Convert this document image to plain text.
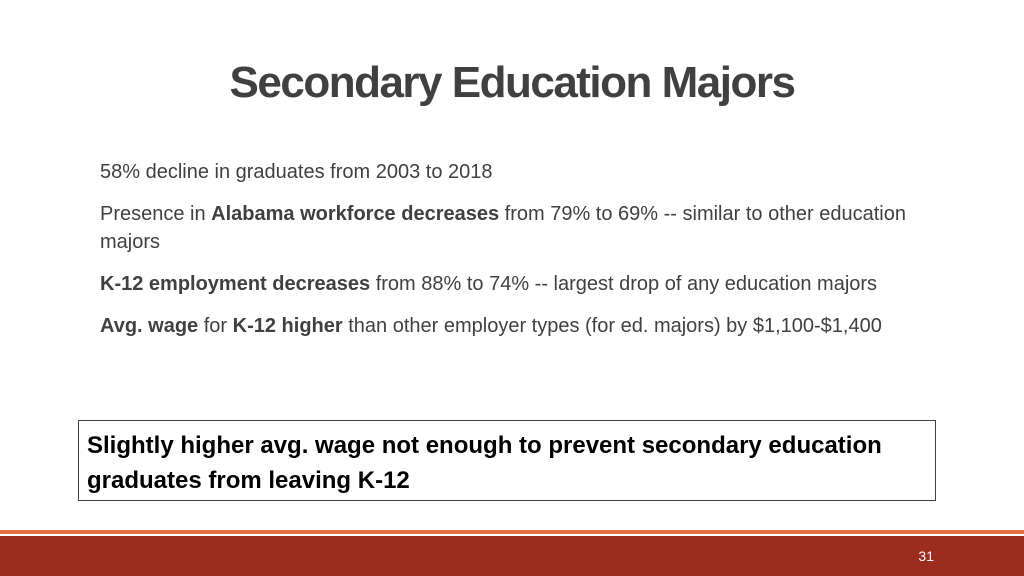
Secondary Education Majors
58% decline in graduates from 2003 to 2018
Presence in Alabama workforce decreases from 79% to 69% -- similar to other education majors
K-12 employment decreases from 88% to 74% -- largest drop of any education majors
Avg. wage for K-12 higher than other employer types (for ed. majors) by $1,100-$1,400
Slightly higher avg. wage not enough to prevent secondary education graduates from leaving K-12
31
